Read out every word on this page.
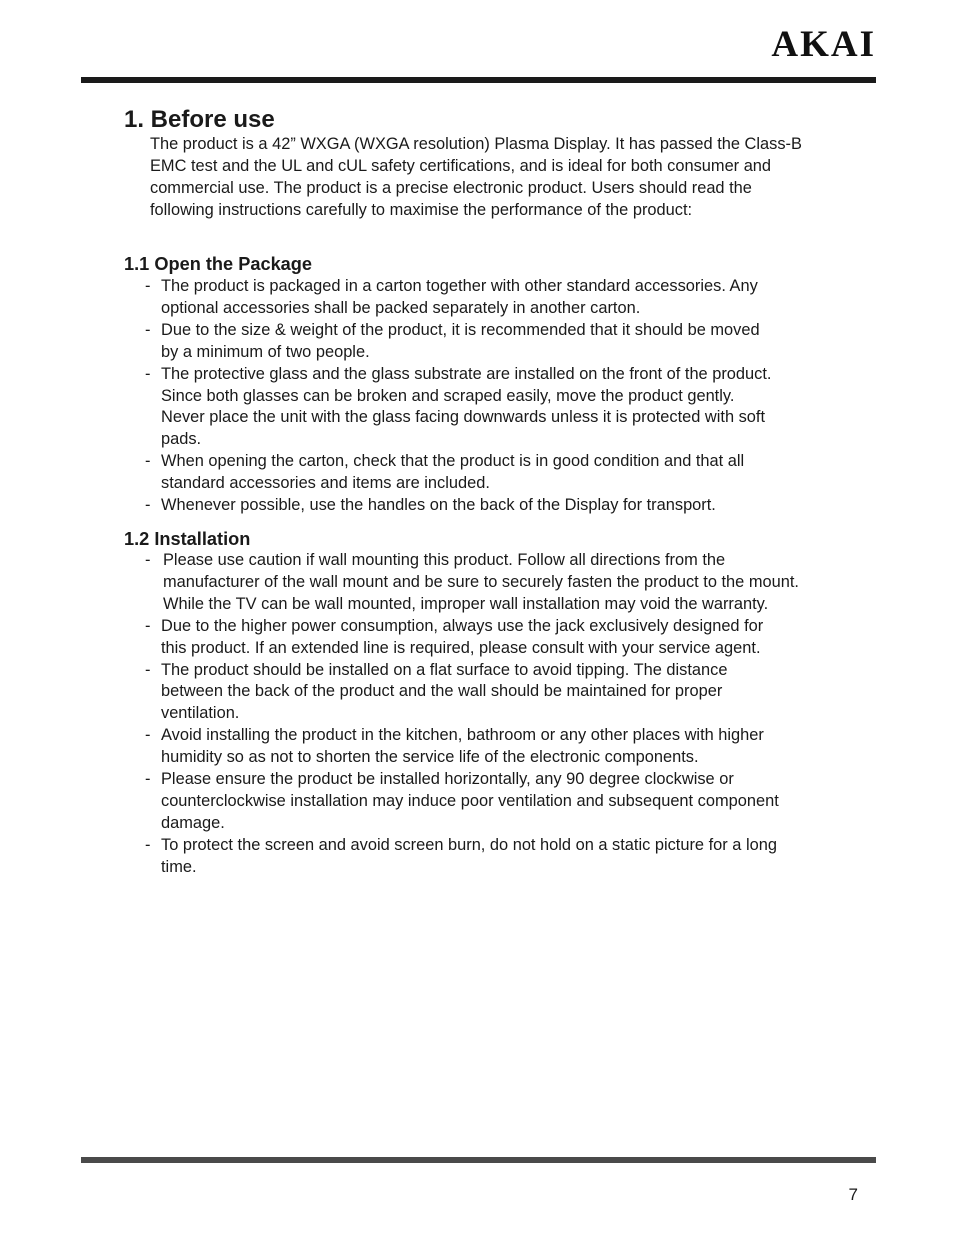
AKAI
1. Before use

The product is a 42” WXGA (WXGA resolution) Plasma Display. It has passed the Class-B
EMC test and the UL and cUL safety certifications, and is ideal for both consumer and
commercial use. The product is a precise electronic product. Users should read the
following instructions carefully to maximise the performance of the product:

1.1 Open the Package
- The product is packaged in a carton together with other standard accessories. Any
optional accessories shall be packed separately in another carton.
- Due to the size & weight of the product, it is recommended that it should be moved
by a minimum of two people.
- The protective glass and the glass substrate are installed on the front of the product.
Since both glasses can be broken and scraped easily, move the product gently.
Never place the unit with the glass facing downwards unless it is protected with soft
pads.
- When opening the carton, check that the product is in good condition and that all
standard accessories and items are included.
- Whenever possible, use the handles on the back of the Display for transport.
1.2 Installation
- Please use caution if wall mounting this product. Follow all directions from the
manufacturer of the wall mount and be sure to securely fasten the product to the mount.
While the TV can be wall mounted, improper wall installation may void the warranty.
- Due to the higher power consumption, always use the jack exclusively designed for
this product. If an extended line is required, please consult with your service agent.
- The product should be installed on a flat surface to avoid tipping. The distance
between the back of the product and the wall should be maintained for proper
ventilation.
- Avoid installing the product in the kitchen, bathroom or any other places with higher
humidity so as not to shorten the service life of the electronic components.
- Please ensure the product be installed horizontally, any 90 degree clockwise or
counterclockwise installation may induce poor ventilation and subsequent component
damage.
- To protect the screen and avoid screen burn, do not hold on a static picture for a long
time.
7
